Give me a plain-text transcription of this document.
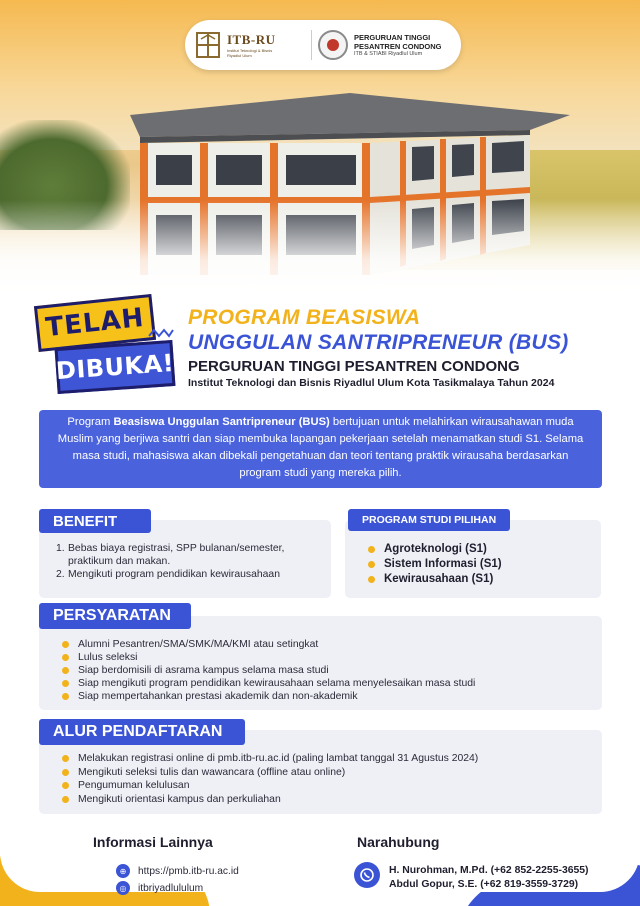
ITB-RU
Institut Teknologi & Bisnis Riyadlul Ulum
PERGURUAN TINGGI
PESANTREN CONDONG
ITB & STIABI Riyadlul Ulum
TELAH
DIBUKA!
PROGRAM BEASISWA
UNGGULAN SANTRIPRENEUR (BUS)
PERGURUAN TINGGI PESANTREN CONDONG
Institut Teknologi dan Bisnis Riyadlul Ulum Kota Tasikmalaya Tahun 2024
Program Beasiswa Unggulan Santripreneur (BUS) bertujuan untuk melahirkan wirausahawan muda Muslim yang berjiwa santri dan siap membuka lapangan pekerjaan setelah menamatkan studi S1. Selama masa studi, mahasiswa akan dibekali pengetahuan dan teori tentang praktik wirausaha berdasarkan program studi yang mereka pilih.
BENEFIT
1. Bebas biaya registrasi, SPP bulanan/semester, praktikum dan makan.
2. Mengikuti program pendidikan kewirausahaan
PROGRAM STUDI PILIHAN
Agroteknologi (S1)
Sistem Informasi (S1)
Kewirausahaan (S1)
PERSYARATAN
Alumni Pesantren/SMA/SMK/MA/KMI atau setingkat
Lulus seleksi
Siap berdomisili di asrama kampus selama masa studi
Siap mengikuti program pendidikan kewirausahaan selama menyelesaikan masa studi
Siap mempertahankan prestasi akademik dan non-akademik
ALUR PENDAFTARAN
Melakukan registrasi online di pmb.itb-ru.ac.id (paling lambat tanggal 31 Agustus 2024)
Mengikuti seleksi tulis dan wawancara (offline atau online)
Pengumuman kelulusan
Mengikuti orientasi kampus dan perkuliahan
Informasi Lainnya	Narahubung
⊕	https://pmb.itb-ru.ac.id
◎	itbriyadlululum
H. Nurohman, M.Pd. (+62 852-2255-3655)
Abdul Gopur, S.E. (+62 819-3559-3729)
